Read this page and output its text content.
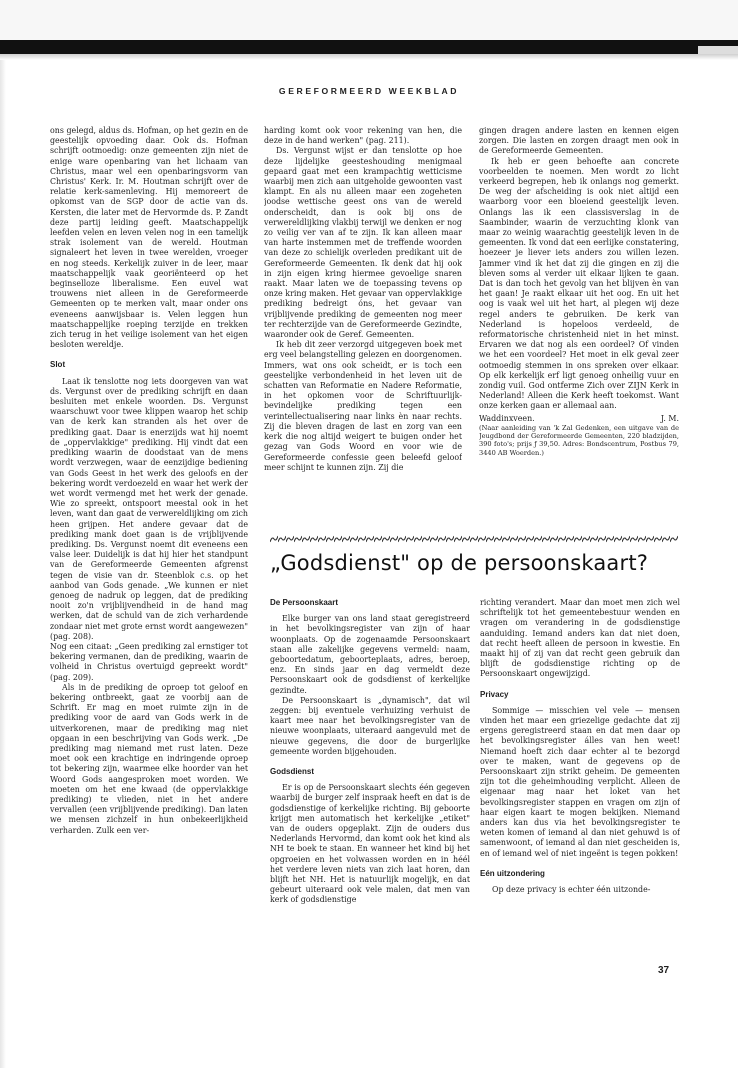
GEREFORMEERD WEEKBLAD

ons gelegd, aldus ds. Hofman, op het gezin en de geestelijk opvoeding daar. Ook ds. Hofman schrijft ootmoedig: onze gemeenten zijn niet de enige ware openbaring van het lichaam van Christus, maar wel een openbaringsvorm van Christus' Kerk. Ir. M. Houtman schrijft over de relatie kerk-samenleving. Hij memoreert de opkomst van de SGP door de actie van ds. Kersten, die later met de Hervormde ds. P. Zandt deze partij leiding geeft. Maatschappelijk leefden velen en leven velen nog in een tamelijk strak isolement van de wereld. Houtman signaleert het leven in twee werelden, vroeger en nog steeds. Kerkelijk zuiver in de leer, maar maatschappelijk vaak georiënteerd op het beginselloze liberalisme. Een euvel wat trouwens niet alleen in de Gereformeerde Gemeenten op te merken valt, maar onder ons eveneens aanwijsbaar is. Velen leggen hun maatschappelijke roeping terzijde en trekken zich terug in het veilige isolement van het eigen besloten wereldje.

Slot

Laat ik tenslotte nog iets doorgeven van wat ds. Vergunst over de prediking schrijft en daan besluiten met enkele woorden. Ds. Vergunst waarschuwt voor twee klippen waarop het schip van de kerk kan stranden als het over de prediking gaat. Daar is enerzijds wat hij noemt de „oppervlakkige" prediking. Hij vindt dat een prediking waarin de doodstaat van de mens wordt verzwegen, waar de eenzijdige bediening van Gods Geest in het werk des geloofs en der bekering wordt verdoezeld en waar het werk der wet wordt vermengd met het werk der genade. Wie zo spreekt, ontspoort meestal ook in het leven, want dan gaat de verwereldlijking om zich heen grijpen. Het andere gevaar dat de prediking mank doet gaan is de vrijblijvende prediking. Ds. Vergunst noemt dit eveneens een valse leer. Duidelijk is dat hij hier het standpunt van de Gereformeerde Gemeenten afgrenst tegen de visie van dr. Steenblok c.s. op het aanbod van Gods genade. „We kunnen er niet genoeg de nadruk op leggen, dat de prediking nooit zo'n vrijblijvendheid in de hand mag werken, dat de schuld van de zich verhardende zondaar niet met grote ernst wordt aangewezen" (pag. 208).

Nog een citaat: „Geen prediking zal ernstiger tot bekering vermanen, dan de prediking, waarin de volheid in Christus overtuigd gepreekt wordt" (pag. 209).

Als in de prediking de oproep tot geloof en bekering ontbreekt, gaat ze voorbij aan de Schrift. Er mag en moet ruimte zijn in de prediking voor de aard van Gods werk in de uitverkorenen, maar de prediking mag niet opgaan in een beschrijving van Gods werk. „De prediking mag niemand met rust laten. Deze moet ook een krachtige en indringende oproep tot bekering zijn, waarmee elke hoorder van het Woord Gods aangesproken moet worden. We moeten om het ene kwaad (de oppervlakkige prediking) te vlieden, niet in het andere vervallen (een vrijblijvende prediking). Dan laten we mensen zichzelf in hun onbekeerlijkheid verharden. Zulk een ver-

harding komt ook voor rekening van hen, die deze in de hand werken" (pag. 211).

Ds. Vergunst wijst er dan tenslotte op hoe deze lijdelijke geesteshouding menigmaal gepaard gaat met een krampachtig wetticisme waarbij men zich aan uitgeholde gewoonten vast klampt. En als nu alleen maar een zogeheten joodse wettische geest ons van de wereld onderscheidt, dan is ook bij ons de verwereldlijking vlakbij terwijl we denken er nog zo veilig ver van af te zijn. Ik kan alleen maar van harte instemmen met de treffende woorden van deze zo schielijk overleden predikant uit de Gereformeerde Gemeenten. Ik denk dat hij ook in zijn eigen kring hiermee gevoelige snaren raakt. Maar laten we de toepassing tevens op onze kring maken. Het gevaar van oppervlakkige prediking bedreigt óns, het gevaar van vrijblijvende prediking de gemeenten nog meer ter rechterzijde van de Gereformeerde Gezindte, waaronder ook de Geref. Gemeenten.

Ik heb dit zeer verzorgd uitgegeven boek met erg veel belangstelling gelezen en doorgenomen. Immers, wat ons ook scheidt, er is toch een geestelijke verbondenheid in het leven uit de schatten van Reformatie en Nadere Reformatie, in het opkomen voor de Schriftuurlijk-bevindelijke prediking tegen een verintellectualisering naar links èn naar rechts. Zij die bleven dragen de last en zorg van een kerk die nog altijd weigert te buigen onder het gezag van Gods Woord en voor wie de Gereformeerde confessie geen beleefd geloof meer schijnt te kunnen zijn. Zij die

gingen dragen andere lasten en kennen eigen zorgen. Die lasten en zorgen draagt men ook in de Gereformeerde Gemeenten.

Ik heb er geen behoefte aan concrete voorbeelden te noemen. Men wordt zo licht verkeerd begrepen, heb ik onlangs nog gemerkt. De weg der afscheiding is ook niet altijd een waarborg voor een bloeiend geestelijk leven. Onlangs las ik een classisverslag in de Saambinder, waarin de verzuchting klonk van maar zo weinig waarachtig geestelijk leven in de gemeenten. Ik vond dat een eerlijke constatering, hoezeer je liever iets anders zou willen lezen. Jammer vind ik het dat zij die gingen en zij die bleven soms al verder uit elkaar lijken te gaan. Dat is dan toch het gevolg van het blijven èn van het gaan! Je raakt elkaar uit het oog. En uit het oog is vaak wel uit het hart, al plegen wij deze regel anders te gebruiken. De kerk van Nederland is hopeloos verdeeld, de reformatorische christenheid niet in het minst. Ervaren we dat nog als een oordeel? Of vinden we het een voordeel? Het moet in elk geval zeer ootmoedig stemmen in ons spreken over elkaar. Op elk kerkelijk erf ligt genoeg onheilig vuur en zondig vuil. God ontferme Zich over ZIJN Kerk in Nederland! Alleen die Kerk heeft toekomst. Want onze kerken gaan er allemaal aan.

Waddinxveen.	J. M.

(Naar aanleiding van 'k Zal Gedenken, een uitgave van de Jeugdbond der Gereformeerde Gemeenten, 220 bladzijden, 390 foto's; prijs ƒ 39,50. Adres: Bondscentrum, Postbus 79, 3440 AB Woerden.)

„Godsdienst" op de persoonskaart?
De Persoonskaart

Elke burger van ons land staat geregistreerd in het bevolkingsregister van zijn of haar woonplaats. Op de zogenaamde Persoonskaart staan alle zakelijke gegevens vermeld: naam, geboortedatum, geboorteplaats, adres, beroep, enz. En sinds jaar en dag vermeldt deze Persoonskaart ook de godsdienst of kerkelijke gezindte.

De Persoonskaart is „dynamisch", dat wil zeggen: bij eventuele verhuizing verhuist de kaart mee naar het bevolkingsregister van de nieuwe woonplaats, uiteraard aangevuld met de nieuwe gegevens, die door de burgerlijke gemeente worden bijgehouden.

Godsdienst

Er is op de Persoonskaart slechts één gegeven waarbij de burger zelf inspraak heeft en dat is de godsdienstige of kerkelijke richting. Bij geboorte krijgt men automatisch het kerkelijke „etiket" van de ouders opgeplakt. Zijn de ouders dus Nederlands Hervormd, dan komt ook het kind als NH te boek te staan. En wanneer het kind bij het opgroeien en het volwassen worden en in héél het verdere leven niets van zich laat horen, dan blijft het NH. Het is natuurlijk mogelijk, en dat gebeurt uiteraard ook vele malen, dat men van kerk of godsdienstige

richting verandert. Maar dan moet men zich wel schriftelijk tot het gemeentebestuur wenden en vragen om verandering in de godsdienstige aanduiding. Iemand anders kan dat niet doen, dat recht heeft alleen de persoon in kwestie. En maakt hij of zij van dat recht geen gebruik dan blijft de godsdienstige richting op de Persoonskaart ongewijzigd.

Privacy

Sommige — misschien vel vele — mensen vinden het maar een griezelige gedachte dat zij ergens geregistreerd staan en dat men daar op het bevolkingsregister álles van hen weet! Niemand hoeft zich daar echter al te bezorgd over te maken, want de gegevens op de Persoonskaart zijn strikt geheim. De gemeenten zijn tot die geheimhouding verplicht. Alleen de eigenaar mag naar het loket van het bevolkingsregister stappen en vragen om zijn of haar eigen kaart te mogen bekijken. Niemand anders kan dus via het bevolkingsregister te weten komen of iemand al dan niet gehuwd is of samenwoont, of iemand al dan niet gescheiden is, en of iemand wel of niet ingeënt is tegen pokken!

Eén uitzondering

Op deze privacy is echter één uitzonde-

37
